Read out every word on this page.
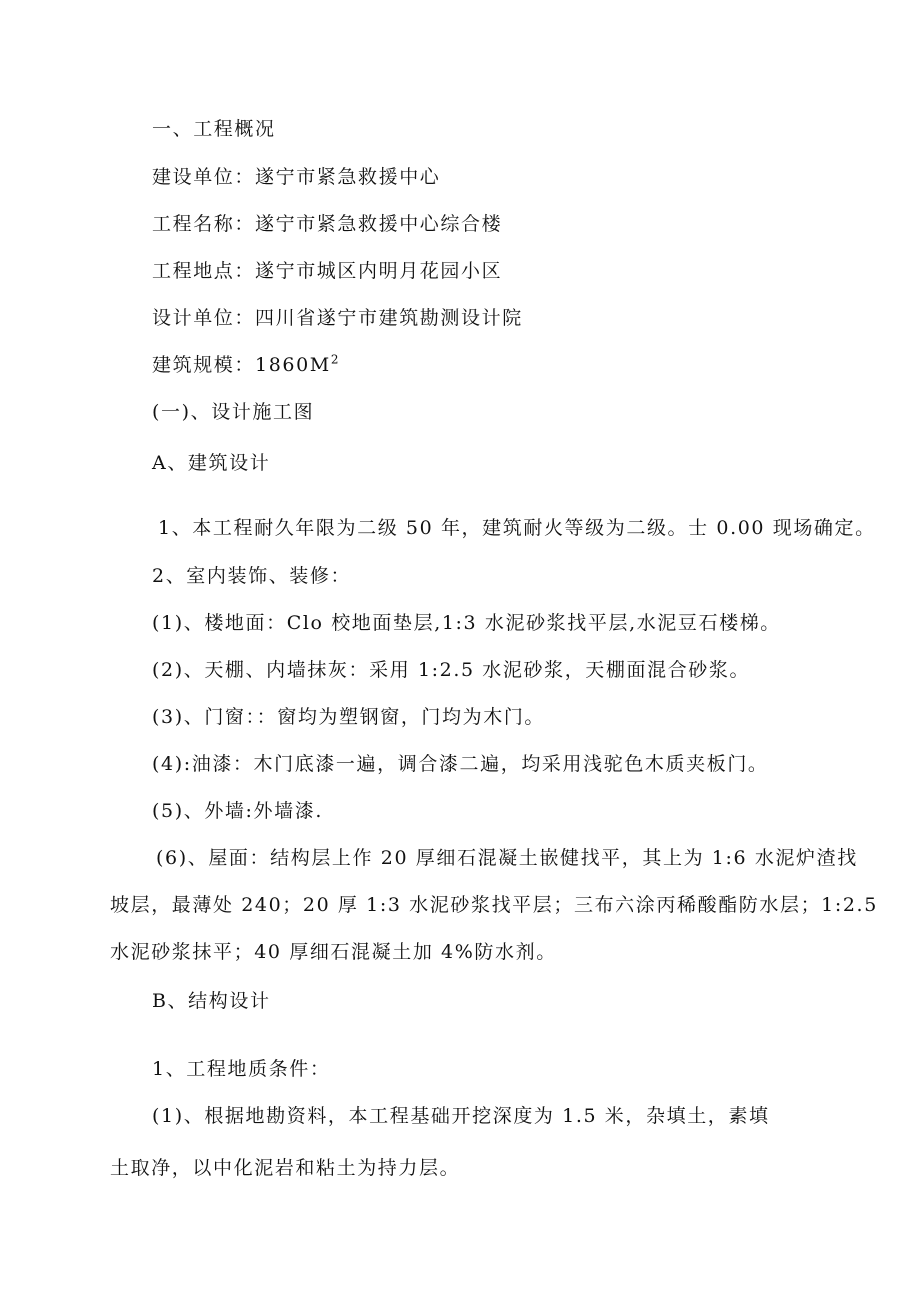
一、工程概况
建设单位：遂宁市紧急救援中心
工程名称：遂宁市紧急救援中心综合楼
工程地点：遂宁市城区内明月花园小区
设计单位：四川省遂宁市建筑勘测设计院
建筑规模：$1860M^2$
(一)、设计施工图
A、建筑设计
1、本工程耐久年限为二级 50 年，建筑耐火等级为二级。士 0.00 现场确定。
2、室内装饰、装修：
(1)、楼地面：Clo 校地面垫层,1:3 水泥砂浆找平层,水泥豆石楼梯。
(2)、天棚、内墙抹灰：采用 1:2.5 水泥砂浆，天棚面混合砂浆。
(3)、门窗：：窗均为塑钢窗，门均为木门。
(4):油漆：木门底漆一遍，调合漆二遍，均采用浅驼色木质夹板门。
(5)、外墙:外墙漆.
(6)、屋面：结构层上作 20 厚细石混凝土嵌健找平，其上为 1:6 水泥炉渣找
坡层，最薄处 240；20 厚 1:3 水泥砂浆找平层；三布六涂丙稀酸酯防水层；1:2.5
水泥砂浆抹平；40 厚细石混凝土加 4%防水剂。
B、结构设计
1、工程地质条件：
(1)、根据地勘资料，本工程基础开挖深度为 1.5 米，杂填土，素填
土取净，以中化泥岩和粘土为持力层。
